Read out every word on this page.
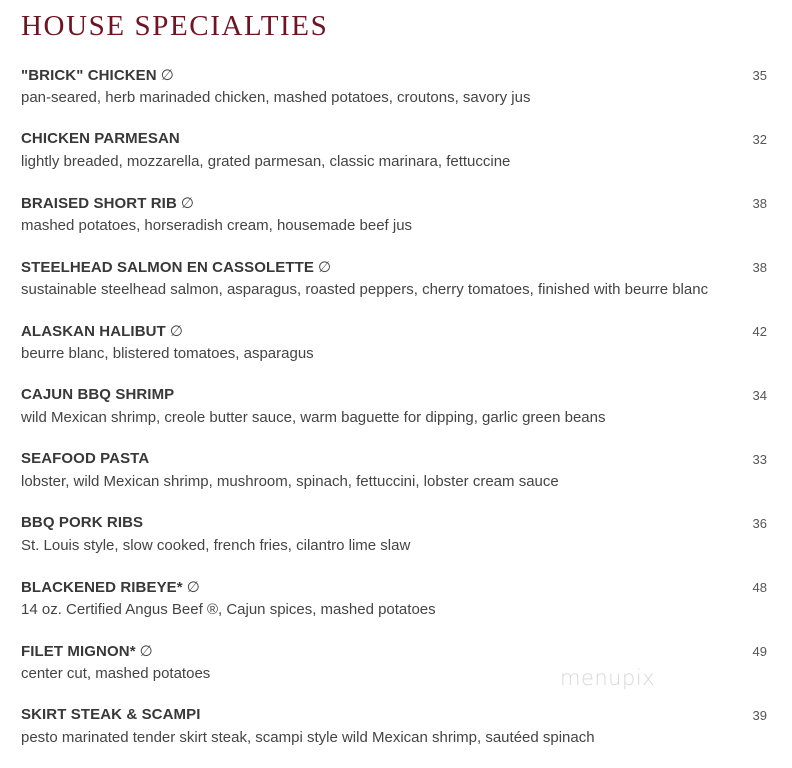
HOUSE SPECIALTIES
"BRICK" CHICKEN ∅	35
pan-seared, herb marinaded chicken, mashed potatoes, croutons, savory jus
CHICKEN PARMESAN	32
lightly breaded, mozzarella, grated parmesan, classic marinara, fettuccine
BRAISED SHORT RIB ∅	38
mashed potatoes, horseradish cream, housemade beef jus
STEELHEAD SALMON EN CASSOLETTE ∅	38
sustainable steelhead salmon, asparagus, roasted peppers, cherry tomatoes, finished with beurre blanc
ALASKAN HALIBUT ∅	42
beurre blanc, blistered tomatoes, asparagus
CAJUN BBQ SHRIMP	34
wild Mexican shrimp, creole butter sauce, warm baguette for dipping, garlic green beans
SEAFOOD PASTA	33
lobster, wild Mexican shrimp, mushroom, spinach, fettuccini, lobster cream sauce
BBQ PORK RIBS	36
St. Louis style, slow cooked, french fries, cilantro lime slaw
BLACKENED RIBEYE* ∅	48
14 oz. Certified Angus Beef ®, Cajun spices, mashed potatoes
FILET MIGNON* ∅	49
center cut, mashed potatoes
SKIRT STEAK & SCAMPI	39
pesto marinated tender skirt steak, scampi style wild Mexican shrimp, sautéed spinach
menupix
